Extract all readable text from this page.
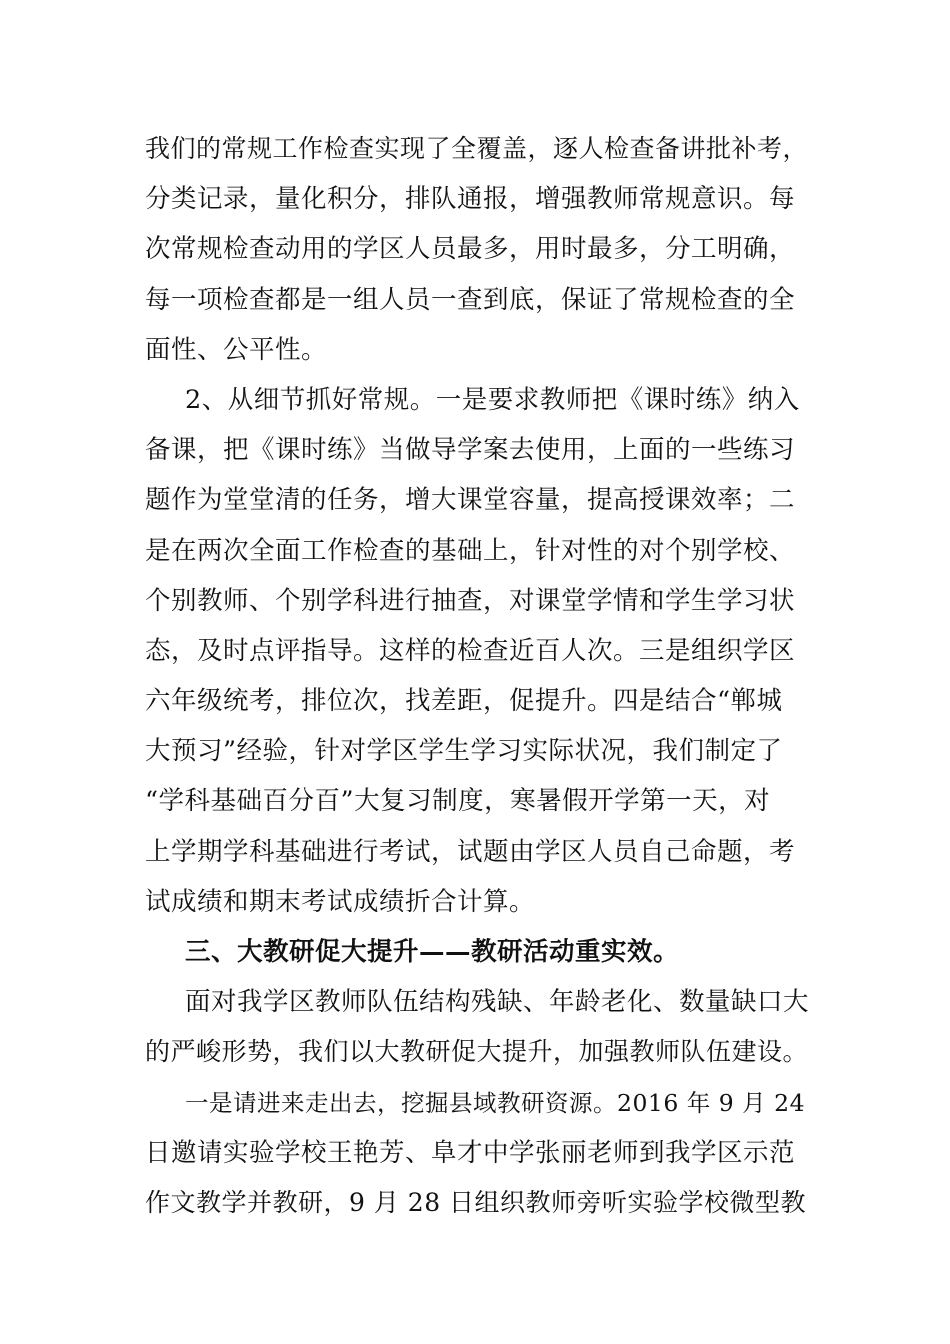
我们的常规工作检查实现了全覆盖，逐人检查备讲批补考，
分类记录，量化积分，排队通报，增强教师常规意识。每
次常规检查动用的学区人员最多，用时最多，分工明确，
每一项检查都是一组人员一查到底，保证了常规检查的全
面性、公平性。
2、从细节抓好常规。一是要求教师把《课时练》纳入
备课，把《课时练》当做导学案去使用，上面的一些练习
题作为堂堂清的任务，增大课堂容量，提高授课效率；二
是在两次全面工作检查的基础上，针对性的对个别学校、
个别教师、个别学科进行抽查，对课堂学情和学生学习状
态，及时点评指导。这样的检查近百人次。三是组织学区
六年级统考，排位次，找差距，促提升。四是结合“郸城
大预习”经验，针对学区学生学习实际状况，我们制定了
“学科基础百分百”大复习制度，寒暑假开学第一天，对
上学期学科基础进行考试，试题由学区人员自己命题，考
试成绩和期末考试成绩折合计算。
三、大教研促大提升——教研活动重实效。
面对我学区教师队伍结构残缺、年龄老化、数量缺口大
的严峻形势，我们以大教研促大提升，加强教师队伍建设。
一是请进来走出去，挖掘县域教研资源。2016 年 9 月 24
日邀请实验学校王艳芳、阜才中学张丽老师到我学区示范
作文教学并教研，9 月 28 日组织教师旁听实验学校微型教
